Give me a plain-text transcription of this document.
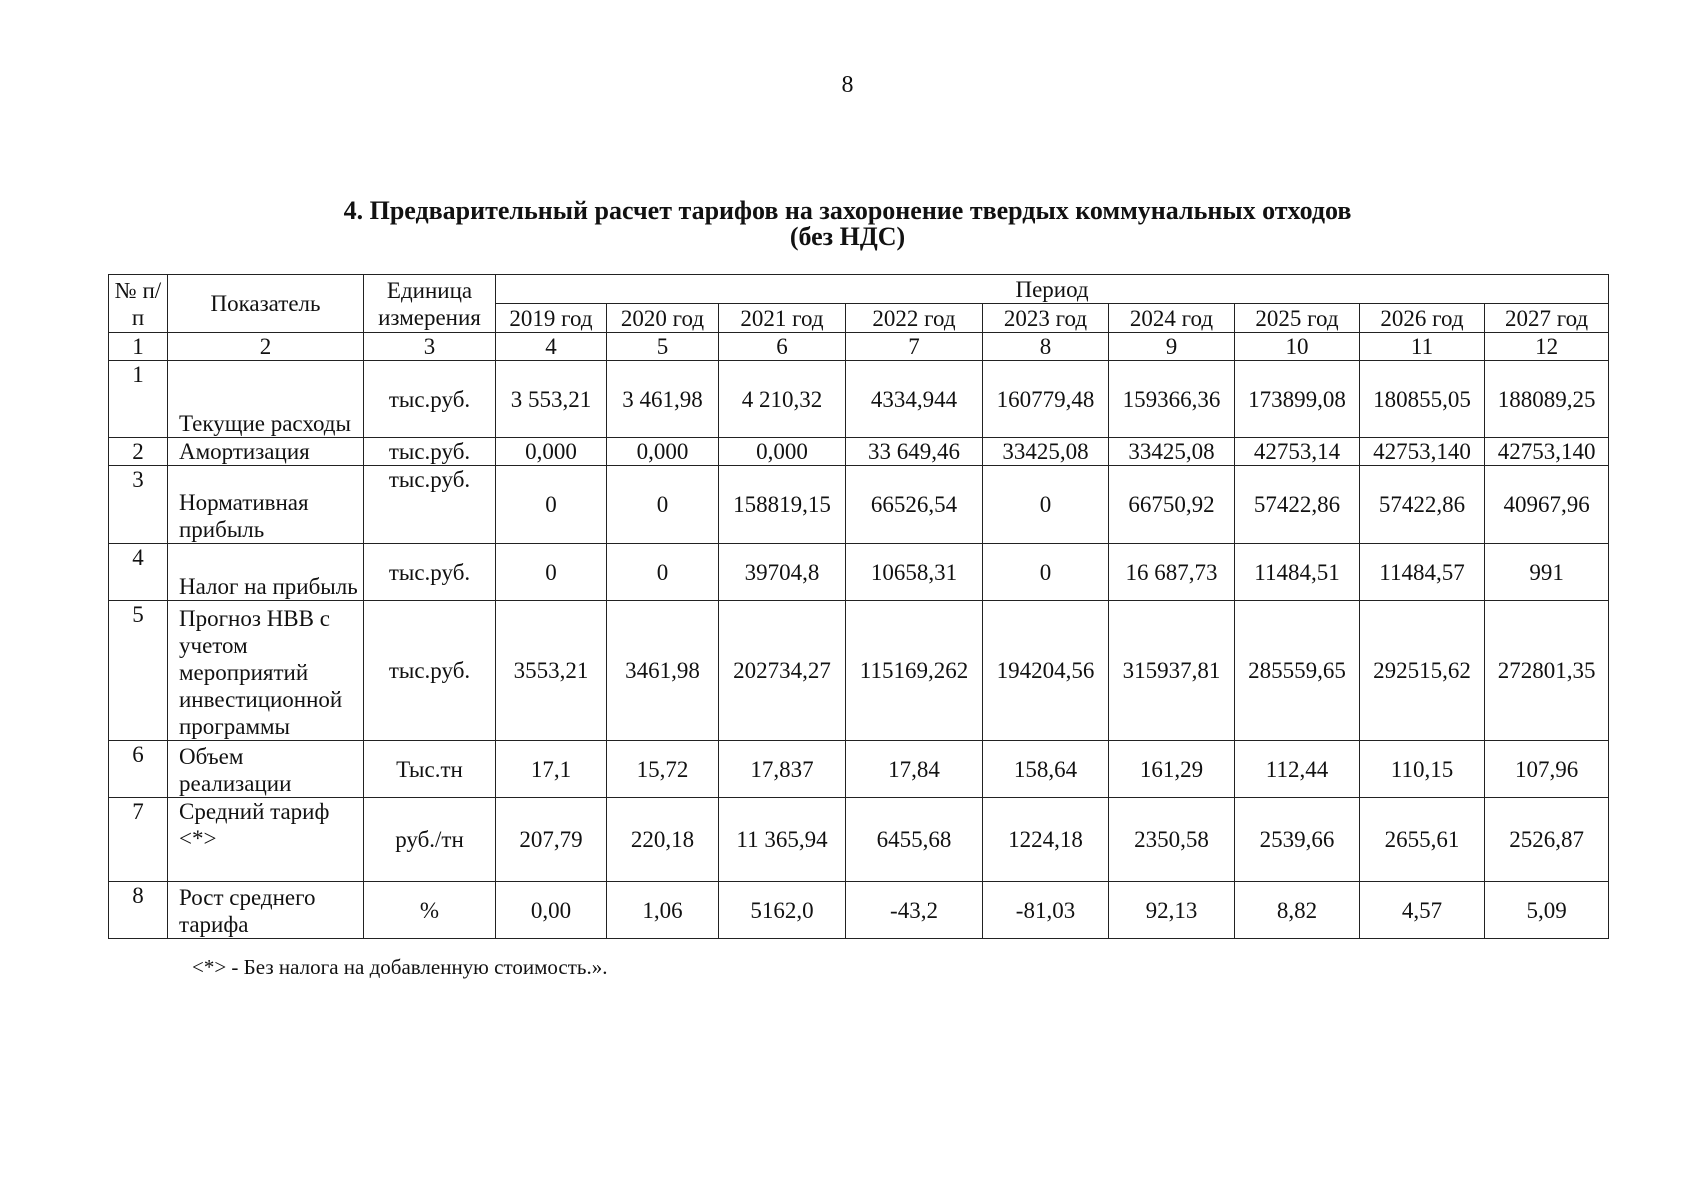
8
4. Предварительный расчет тарифов на захоронение твердых коммунальных отходов
(без НДС)
№ п/п	Показатель	Единица измерения	Период								
			2019 год	2020 год	2021 год	2022 год	2023 год	2024 год	2025 год	2026 год	2027 год
1	2	3	4	5	6	7	8	9	10	11	12
1	Текущие расходы	тыс.руб.	3 553,21	3 461,98	4 210,32	4334,944	160779,48	159366,36	173899,08	180855,05	188089,25
2	Амортизация	тыс.руб.	0,000	0,000	0,000	33 649,46	33425,08	33425,08	42753,14	42753,140	42753,140
3	Нормативная прибыль	тыс.руб.	0	0	158819,15	66526,54	0	66750,92	57422,86	57422,86	40967,96
4	Налог на прибыль	тыс.руб.	0	0	39704,8	10658,31	0	16 687,73	11484,51	11484,57	991
5	Прогноз НВВ с учетом мероприятий инвестиционной программы	тыс.руб.	3553,21	3461,98	202734,27	115169,262	194204,56	315937,81	285559,65	292515,62	272801,35
6	Объем реализации	Тыс.тн	17,1	15,72	17,837	17,84	158,64	161,29	112,44	110,15	107,96
7	Средний тариф <*>	руб./тн	207,79	220,18	11 365,94	6455,68	1224,18	2350,58	2539,66	2655,61	2526,87
8	Рост среднего тарифа	%	0,00	1,06	5162,0	-43,2	-81,03	92,13	8,82	4,57	5,09
<*> - Без налога на добавленную стоимость.».
